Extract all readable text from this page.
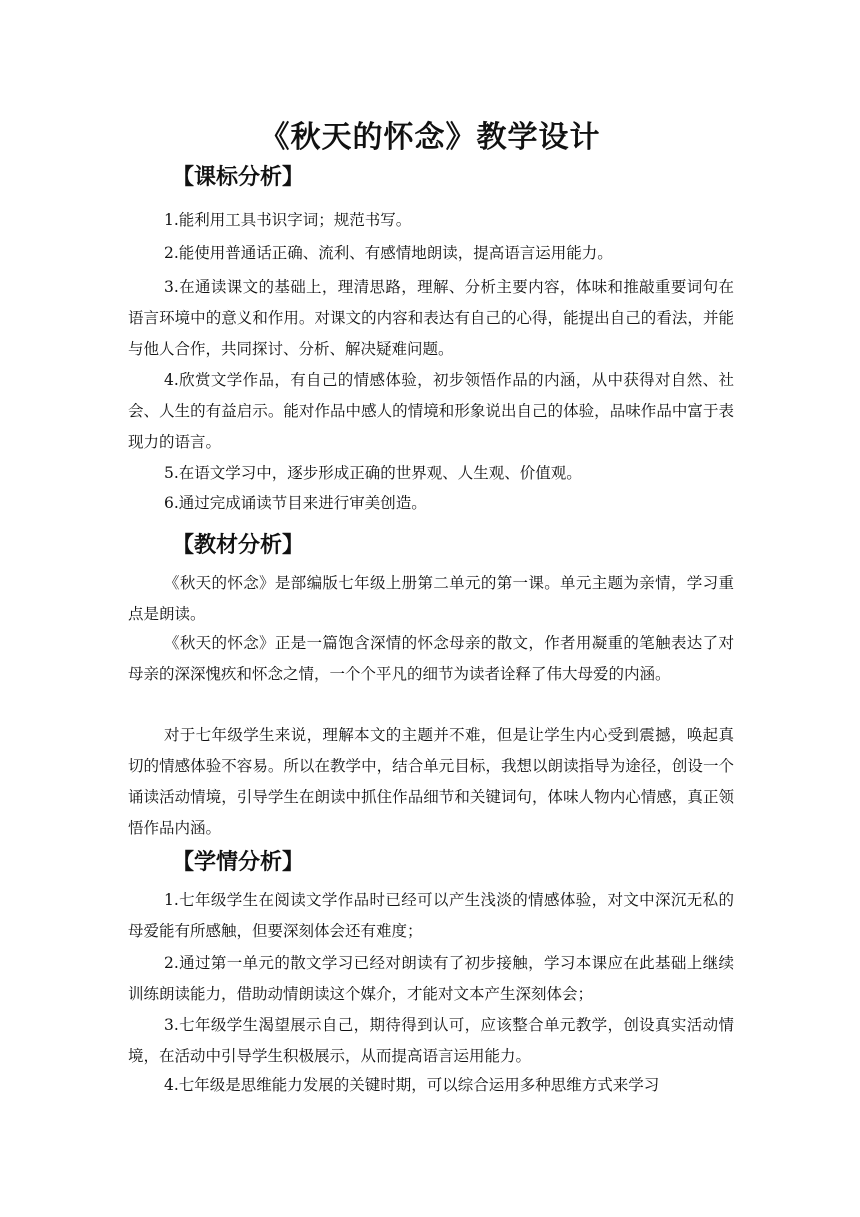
《秋天的怀念》教学设计
【课标分析】

1.能利用工具书识字词；规范书写。

2.能使用普通话正确、流利、有感情地朗读，提高语言运用能力。

3.在通读课文的基础上，理清思路，理解、分析主要内容，体味和推敲重要词句在语言环境中的意义和作用。对课文的内容和表达有自己的心得，能提出自己的看法，并能与他人合作，共同探讨、分析、解决疑难问题。

4.欣赏文学作品，有自己的情感体验，初步领悟作品的内涵，从中获得对自然、社会、人生的有益启示。能对作品中感人的情境和形象说出自己的体验，品味作品中富于表现力的语言。

5.在语文学习中，逐步形成正确的世界观、人生观、价值观。

6.通过完成诵读节目来进行审美创造。

【教材分析】

《秋天的怀念》是部编版七年级上册第二单元的第一课。单元主题为亲情，学习重点是朗读。

《秋天的怀念》正是一篇饱含深情的怀念母亲的散文，作者用凝重的笔触表达了对母亲的深深愧疚和怀念之情，一个个平凡的细节为读者诠释了伟大母爱的内涵。

对于七年级学生来说，理解本文的主题并不难，但是让学生内心受到震撼，唤起真切的情感体验不容易。所以在教学中，结合单元目标，我想以朗读指导为途径，创设一个诵读活动情境，引导学生在朗读中抓住作品细节和关键词句，体味人物内心情感，真正领悟作品内涵。

【学情分析】

1.七年级学生在阅读文学作品时已经可以产生浅淡的情感体验，对文中深沉无私的母爱能有所感触，但要深刻体会还有难度；

2.通过第一单元的散文学习已经对朗读有了初步接触，学习本课应在此基础上继续训练朗读能力，借助动情朗读这个媒介，才能对文本产生深刻体会；

3.七年级学生渴望展示自己，期待得到认可，应该整合单元教学，创设真实活动情境，在活动中引导学生积极展示，从而提高语言运用能力。

4.七年级是思维能力发展的关键时期，可以综合运用多种思维方式来学习
